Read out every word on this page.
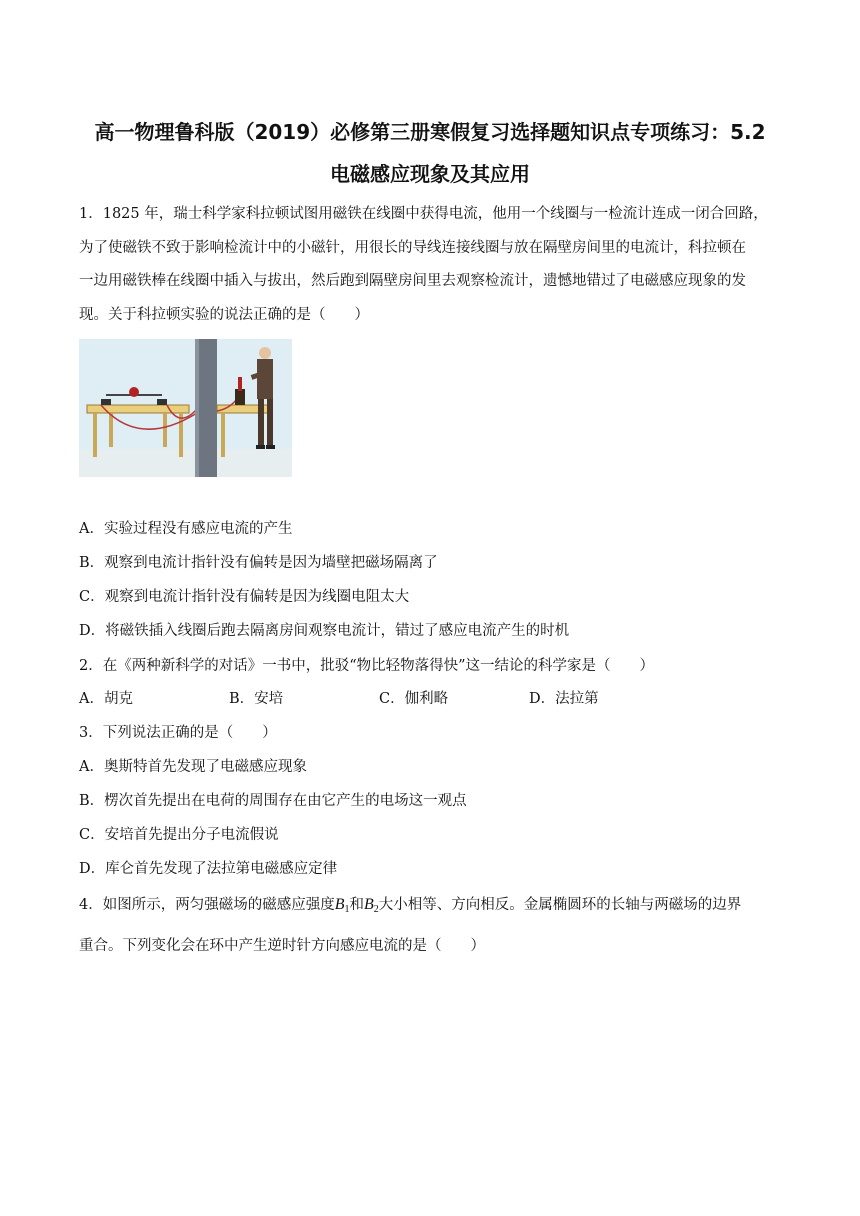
高一物理鲁科版（2019）必修第三册寒假复习选择题知识点专项练习：5.2
电磁感应现象及其应用
1．1825 年，瑞士科学家科拉顿试图用磁铁在线圈中获得电流，他用一个线圈与一检流计连成一闭合回路，
为了使磁铁不致于影响检流计中的小磁针，用很长的导线连接线圈与放在隔壁房间里的电流计，科拉顿在
一边用磁铁棒在线圈中插入与拔出，然后跑到隔壁房间里去观察检流计，遗憾地错过了电磁感应现象的发
现。关于科拉顿实验的说法正确的是（　　）
A．实验过程没有感应电流的产生
B．观察到电流计指针没有偏转是因为墙壁把磁场隔离了
C．观察到电流计指针没有偏转是因为线圈电阻太大
D．将磁铁插入线圈后跑去隔离房间观察电流计，错过了感应电流产生的时机
2．在《两种新科学的对话》一书中，批驳“物比轻物落得快”这一结论的科学家是（　　）
A．胡克	B．安培	C．伽利略	D．法拉第
3．下列说法正确的是（　　）
A．奥斯特首先发现了电磁感应现象
B．楞次首先提出在电荷的周围存在由它产生的电场这一观点
C．安培首先提出分子电流假说
D．库仑首先发现了法拉第电磁感应定律
4．如图所示，两匀强磁场的磁感应强度$B_1$和$B_2$大小相等、方向相反。金属椭圆环的长轴与两磁场的边界
重合。下列变化会在环中产生逆时针方向感应电流的是（　　）
